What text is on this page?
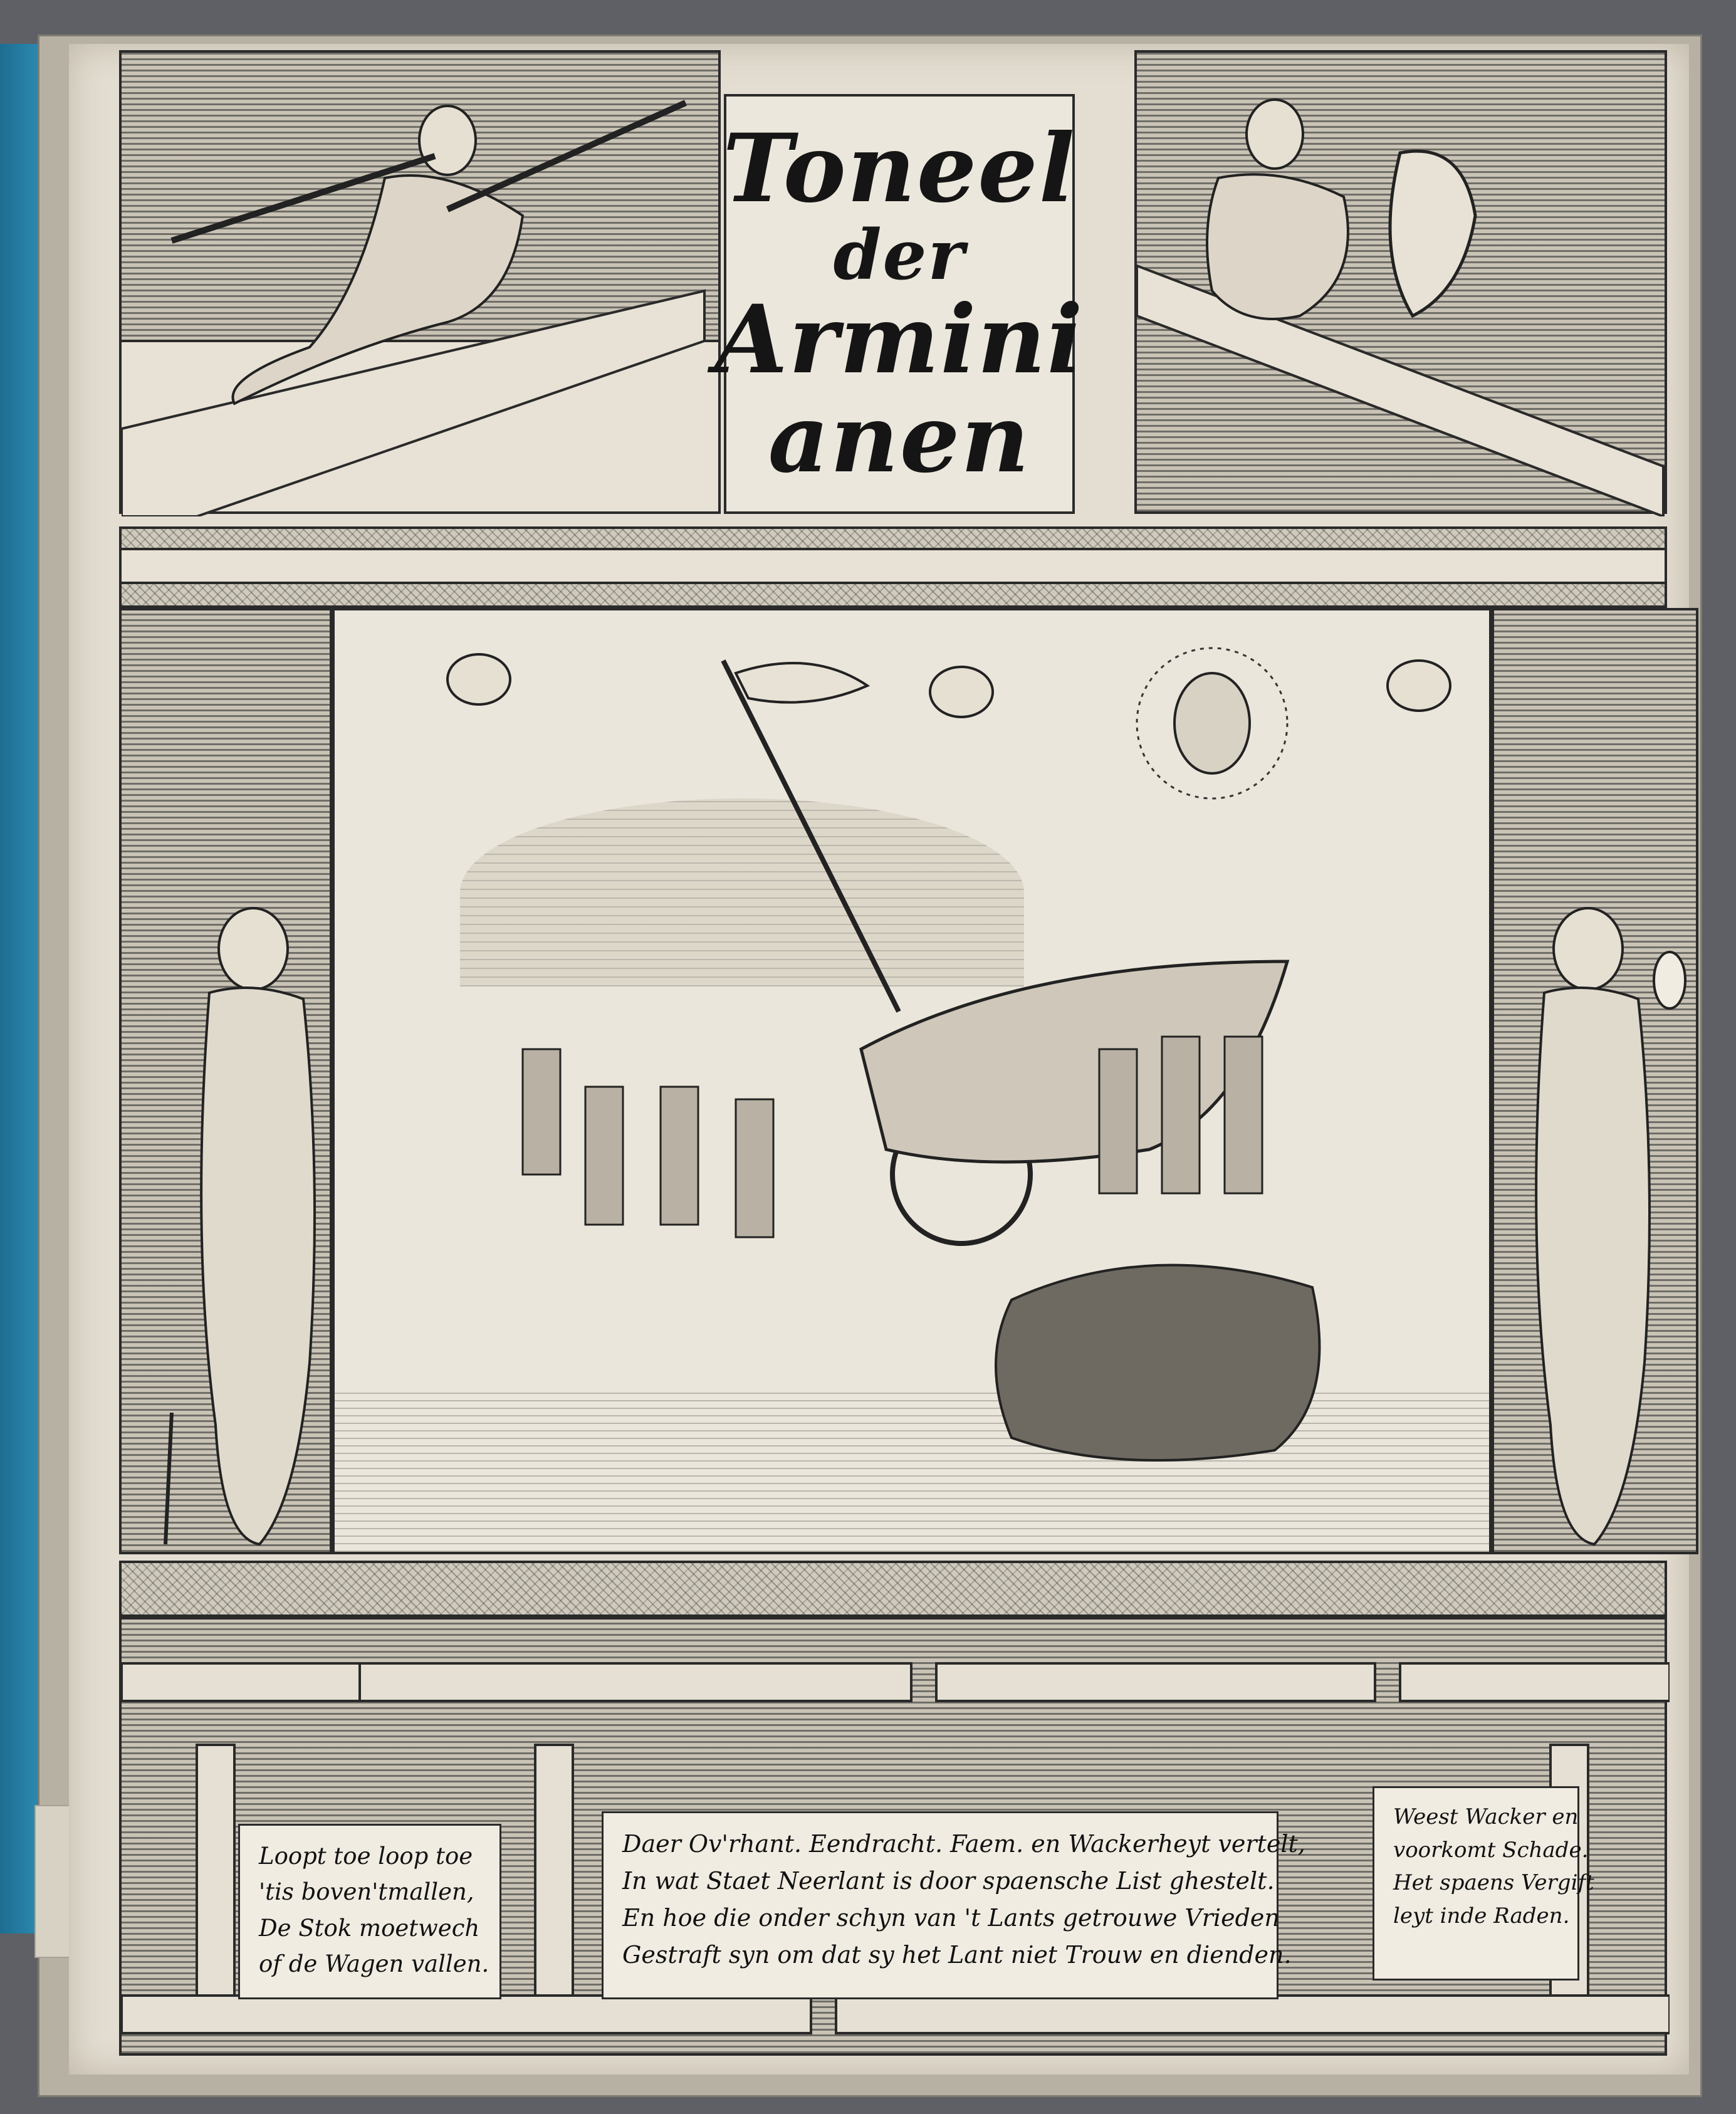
Toneel
der
Armini
anen
Loopt toe loop toe
'tis boven'tmallen,
De Stok moetwech
of de Wagen vallen.
Daer Ov'rhant. Eendracht. Faem. en Wackerheyt vertelt,
In wat Staet Neerlant is door spaensche List ghestelt.
En hoe die onder schyn van 't Lants getrouwe Vrieden
Gestraft syn om dat sy het Lant niet Trouw en dienden.
Weest Wacker en
voorkomt Schade.
Het spaens Vergift
leyt inde Raden.
